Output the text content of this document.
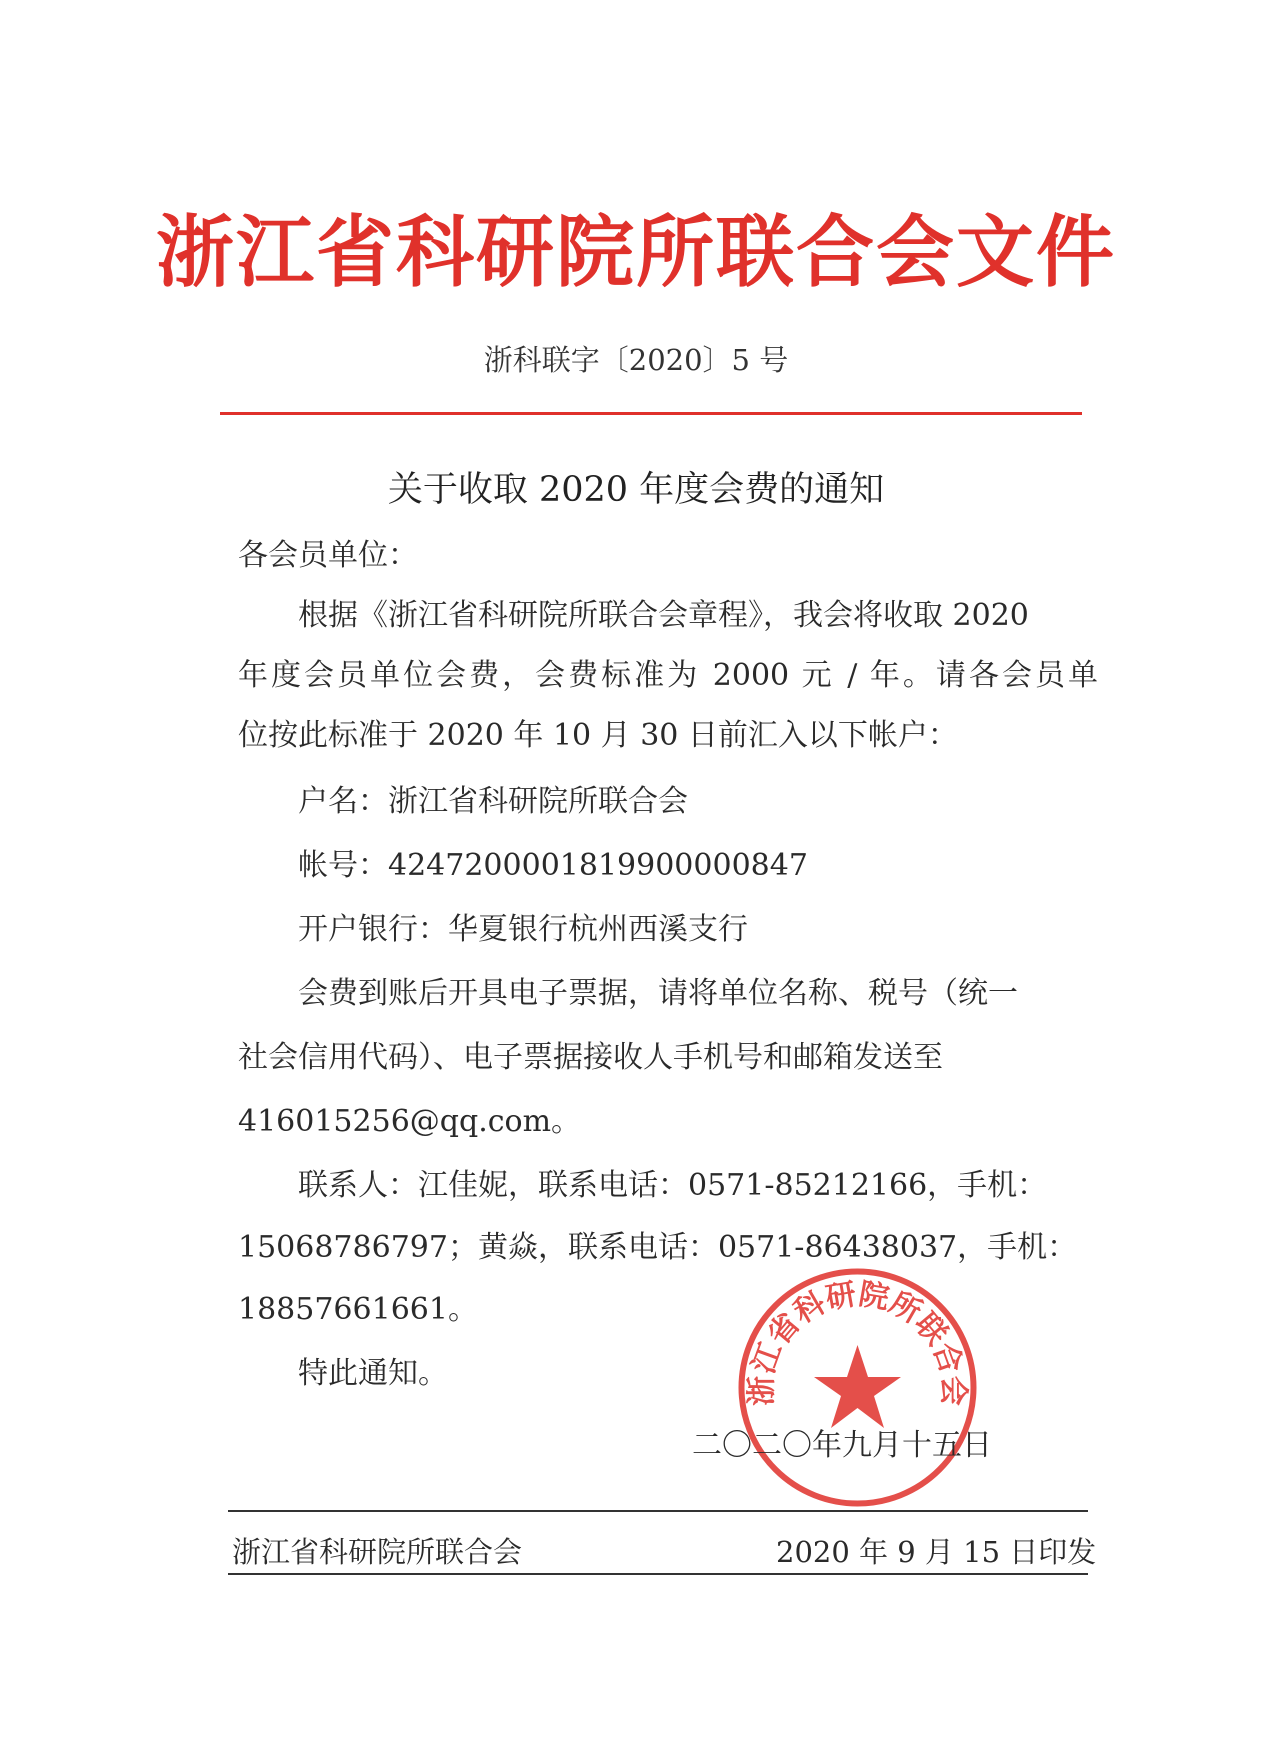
浙江省科研院所联合会文件
浙科联字〔2020〕5 号
关于收取 2020 年度会费的通知
各会员单位：
根据《浙江省科研院所联合会章程》，我会将收取 2020
年度会员单位会费，会费标准为 2000 元 / 年。请各会员单
位按此标准于 2020 年 10 月 30 日前汇入以下帐户：
户名：浙江省科研院所联合会
帐号：4247200001819900000847
开户银行：华夏银行杭州西溪支行
会费到账后开具电子票据，请将单位名称、税号（统一
社会信用代码）、电子票据接收人手机号和邮箱发送至
416015256@qq.com。
联系人：江佳妮，联系电话：0571-85212166，手机：
15068786797；黄焱，联系电话：0571-86438037，手机：
18857661661。
特此通知。	浙江省科研院所联合会
二〇二〇年九月十五日
浙江省科研院所联合会	2020 年 9 月 15 日印发
